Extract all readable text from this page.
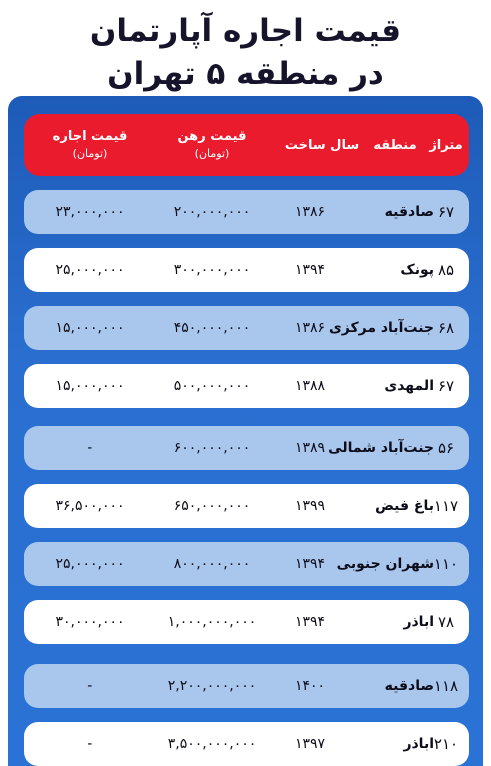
قیمت اجاره آپارتمان
در منطقه ۵ تهران
متراژ
منطقه
سال ساخت
قیمت رهن
(تومان)
قیمت اجاره
(تومان)
۶۷
صادقیه
۱۳۸۶
۲۰۰,۰۰۰,۰۰۰
۲۳,۰۰۰,۰۰۰
۸۵
پونک
۱۳۹۴
۳۰۰,۰۰۰,۰۰۰
۲۵,۰۰۰,۰۰۰
۶۸
جنت‌آباد مرکزی
۱۳۸۶
۴۵۰,۰۰۰,۰۰۰
۱۵,۰۰۰,۰۰۰
۶۷
المهدی
۱۳۸۸
۵۰۰,۰۰۰,۰۰۰
۱۵,۰۰۰,۰۰۰
۵۶
جنت‌آباد شمالی
۱۳۸۹
۶۰۰,۰۰۰,۰۰۰
-
۱۱۷
باغ فیض
۱۳۹۹
۶۵۰,۰۰۰,۰۰۰
۳۶,۵۰۰,۰۰۰
۱۱۰
شهران جنوبی
۱۳۹۴
۸۰۰,۰۰۰,۰۰۰
۲۵,۰۰۰,۰۰۰
۷۸
اباذر
۱۳۹۴
۱,۰۰۰,۰۰۰,۰۰۰
۳۰,۰۰۰,۰۰۰
۱۱۸
صادقیه
۱۴۰۰
۲,۲۰۰,۰۰۰,۰۰۰
-
۲۱۰
اباذر
۱۳۹۷
۳,۵۰۰,۰۰۰,۰۰۰
-
